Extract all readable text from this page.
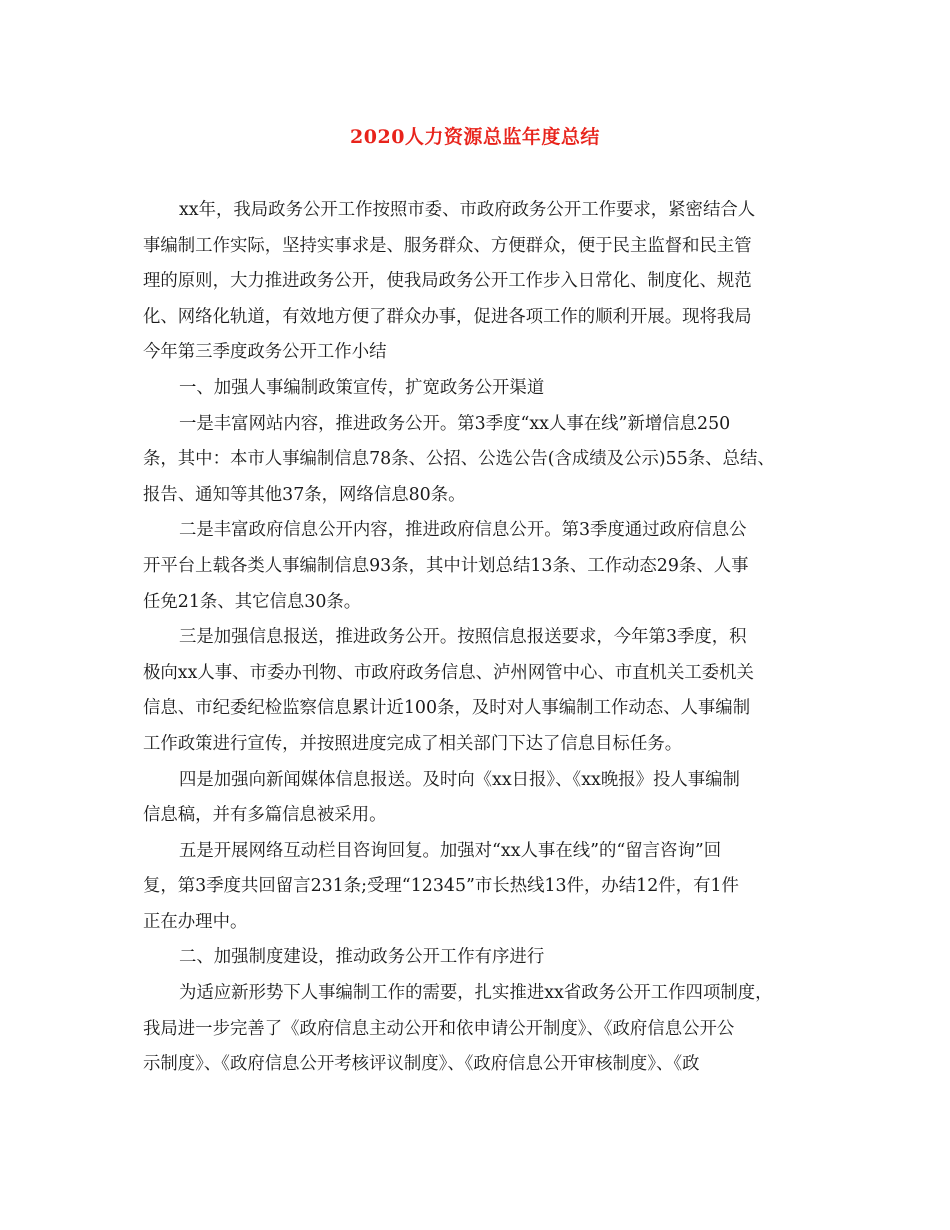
2020人力资源总监年度总结
xx年，我局政务公开工作按照市委、市政府政务公开工作要求，紧密结合人
事编制工作实际，坚持实事求是、服务群众、方便群众，便于民主监督和民主管
理的原则，大力推进政务公开，使我局政务公开工作步入日常化、制度化、规范
化、网络化轨道，有效地方便了群众办事，促进各项工作的顺利开展。现将我局
今年第三季度政务公开工作小结
一、加强人事编制政策宣传，扩宽政务公开渠道
一是丰富网站内容，推进政务公开。第3季度“xx人事在线”新增信息250
条，其中：本市人事编制信息78条、公招、公选公告(含成绩及公示)55条、总结、
报告、通知等其他37条，网络信息80条。
二是丰富政府信息公开内容，推进政府信息公开。第3季度通过政府信息公
开平台上载各类人事编制信息93条，其中计划总结13条、工作动态29条、人事
任免21条、其它信息30条。
三是加强信息报送，推进政务公开。按照信息报送要求，今年第3季度，积
极向xx人事、市委办刊物、市政府政务信息、泸州网管中心、市直机关工委机关
信息、市纪委纪检监察信息累计近100条，及时对人事编制工作动态、人事编制
工作政策进行宣传，并按照进度完成了相关部门下达了信息目标任务。
四是加强向新闻媒体信息报送。及时向《xx日报》、《xx晚报》投人事编制
信息稿，并有多篇信息被采用。
五是开展网络互动栏目咨询回复。加强对“xx人事在线”的“留言咨询”回
复，第3季度共回留言231条;受理“12345”市长热线13件，办结12件，有1件
正在办理中。
二、加强制度建设，推动政务公开工作有序进行
为适应新形势下人事编制工作的需要，扎实推进xx省政务公开工作四项制度，
我局进一步完善了《政府信息主动公开和依申请公开制度》、《政府信息公开公
示制度》、《政府信息公开考核评议制度》、《政府信息公开审核制度》、《政
